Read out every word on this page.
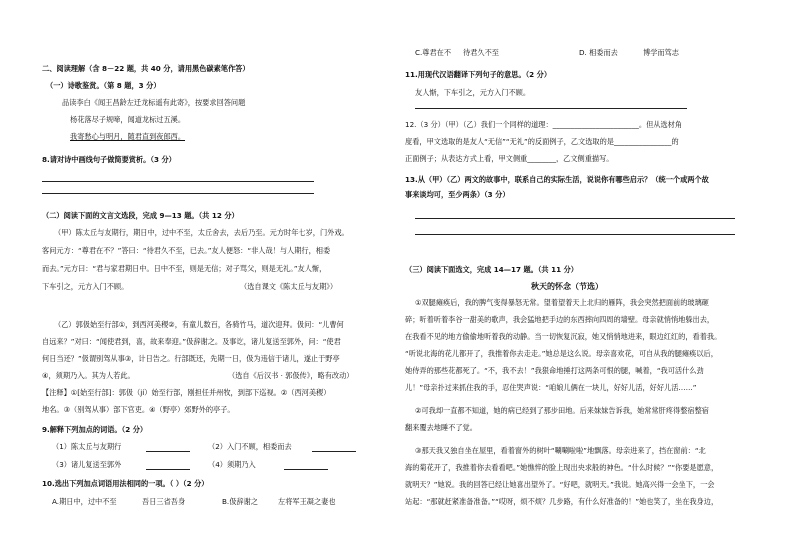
二、阅读理解（含 8－22 题，共 40 分，请用黑色碳素笔作答）
（一）诗歌鉴赏。（第 8 题，3 分）
品读李白《闻王昌龄左迁龙标遥有此寄》，按要求回答问题
杨花落尽子规啼，闻道龙标过五溪。
我寄愁心与明月，随君直到夜郎西。
8.请对诗中画线句子做简要赏析。（3 分）
（二）阅读下面的文言文选段，完成 9—13 题。（共 12 分）
（甲）陈太丘与友期行，期日中，过中不至，太丘舍去，去后乃至。元方时年七岁，门外戏。
客问元方：“尊君在不？”答曰：“待君久不至，已去。”友人便怒：“非人哉！与人期行，相委
而去。”元方曰：“君与家君期日中。日中不至，则是无信；对子骂父，则是无礼。”友人惭，
下车引之，元方入门不顾。	（选自课文《陈太丘与友期》）
（乙）郭伋始至行部①，到西河美稷②，有童儿数百，各骑竹马，道次迎拜。伋问：“儿曹何
自远来？”对曰：“闻使君到，喜，故来奉迎。”伋辞谢之。及事讫，诸儿复送至郭外，问：“使君
何日当还？”伋谓别驾从事③，计日告之。行部既还，先期一日，伋为违信于诸儿，遂止于野亭
④，须期乃入。其为人若此。	（选自《后汉书 · 郭伋传》，略有改动）
【注释】①[始至行部]：郭伋（jí）始至行部，刚担任并州牧，到部下巡视。②（西河美稷）
地名。③（别驾从事）部下官吏。④（野亭）郊野外的亭子。
9.解释下列加点的词语。（2 分）
（1）陈太丘与友期行	（2）入门不顾，相委而去
（3）诸儿复送至郭外	（4）须期乃入
10.选出下列加点词语用法相同的一项。（ ）（2 分）
A.期日中，过中不至	吾日三省吾身	B.伋辞谢之	左将军王凝之妻也
C.尊君在不 待君久不至	D. 相委而去	博学而笃志
11.用现代汉语翻译下列句子的意思。（2 分）
友人惭，下车引之，元方入门不顾。
12.（3 分）（甲）（乙）我们一个同样的道理：________________________。但从选材角
度看，甲文选取的是友人“无信”“无礼”的反面例子，乙文选取的是________________的
正面例子；从表达方式上看，甲文侧重________，乙文侧重描写。
13.从（甲）（乙）两文的故事中，联系自己的实际生活，说说你有哪些启示？（统一个或两个故
事来谈均可，至少两条）（3 分）
（三）阅读下面选文，完成 14—17 题。（共 11 分）
秋天的怀念（节选）
①双腿瘫痪后，我的脾气变得暴怒无常。望着望着天上北归的雁阵，我会突然把面前的玻璃砸
碎；听着听着李谷一甜美的歌声，我会猛地把手边的东西摔向四周的墙壁。母亲就悄悄地躲出去，
在我看不见的地方偷偷地听着我的动静。当一切恢复沉寂，她又悄悄地进来，眼边红红的，看着我。
“听说北海的花儿都开了，我推着你去走走。”她总是这么说。母亲喜欢花，可自从我的腿瘫痪以后，
她侍弄的那些花都死了。“不，我不去！”我狠命地捶打这两条可恨的腿，喊着，“我可活什么劲
儿！”母亲扑过来抓住我的手，忍住哭声说：“咱娘儿俩在一块儿，好好儿活，好好儿活……”
②可我却一直都不知道，她的病已经到了那步田地。后来妹妹告诉我，她常常肝疼得整宿整宿
翻来覆去地睡不了觉。
③那天我又独自坐在屋里，看着窗外的树叶“唰唰啦啦”地飘落。母亲进来了，挡在窗前：“北
海的菊花开了，我推着你去看看吧。”她憔悴的脸上现出央求般的神色。“什么时候？”“你要是愿意，
就明天？”她说。我的回答已经让她喜出望外了。“好吧，就明天。”我说。她高兴得一会坐下，一会
站起：“那就赶紧准备准备。”“哎呀，烦不烦？几步路，有什么好准备的！”她也笑了，坐在我身边，
